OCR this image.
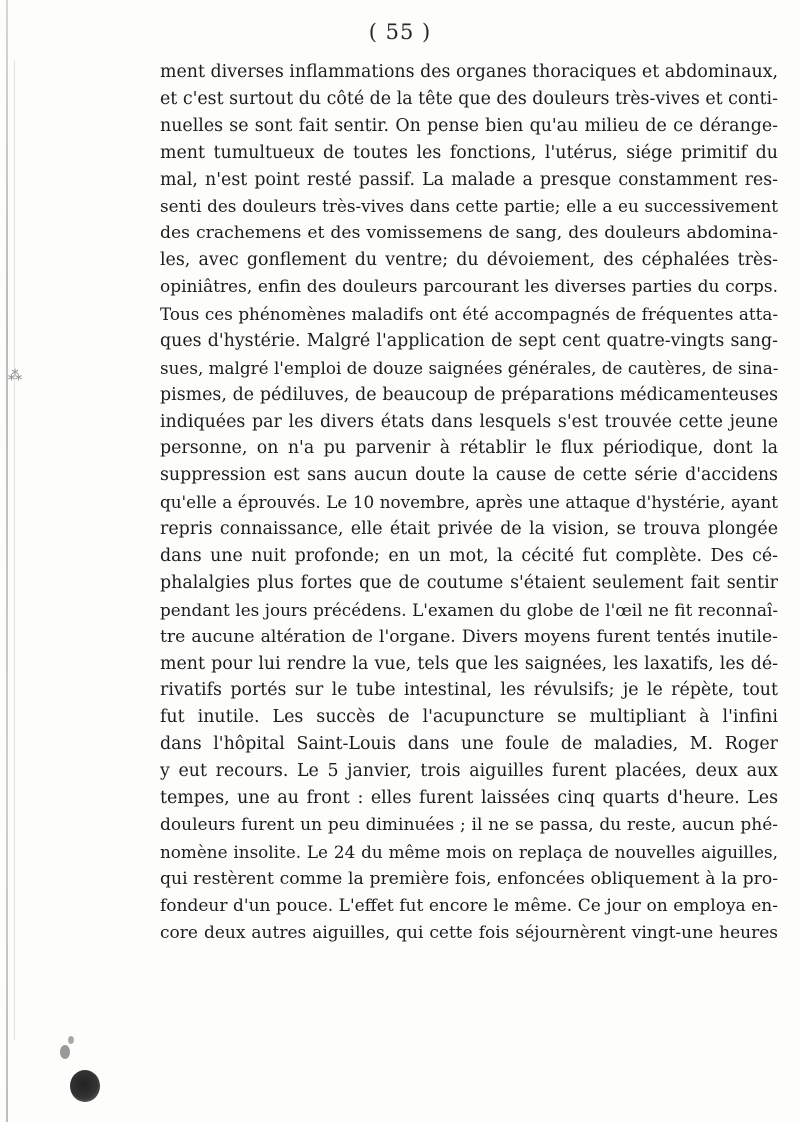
⁂
( 55 )
ment diverses inflammations des organes thoraciques et abdominaux,
et c'est surtout du côté de la tête que des douleurs très-vives et conti-
nuelles se sont fait sentir. On pense bien qu'au milieu de ce dérange-
ment tumultueux de toutes les fonctions, l'utérus, siége primitif du
mal, n'est point resté passif. La malade a presque constamment res-
senti des douleurs très-vives dans cette partie; elle a eu successivement
des crachemens et des vomissemens de sang, des douleurs abdomina-
les, avec gonflement du ventre; du dévoiement, des céphalées très-
opiniâtres, enfin des douleurs parcourant les diverses parties du corps.
Tous ces phénomènes maladifs ont été accompagnés de fréquentes atta-
ques d'hystérie. Malgré l'application de sept cent quatre-vingts sang-
sues, malgré l'emploi de douze saignées générales, de cautères, de sina-
pismes, de pédiluves, de beaucoup de préparations médicamenteuses
indiquées par les divers états dans lesquels s'est trouvée cette jeune
personne, on n'a pu parvenir à rétablir le flux périodique, dont la
suppression est sans aucun doute la cause de cette série d'accidens
qu'elle a éprouvés. Le 10 novembre, après une attaque d'hystérie, ayant
repris connaissance, elle était privée de la vision, se trouva plongée
dans une nuit profonde; en un mot, la cécité fut complète. Des cé-
phalalgies plus fortes que de coutume s'étaient seulement fait sentir
pendant les jours précédens. L'examen du globe de l'œil ne fit reconnaî-
tre aucune altération de l'organe. Divers moyens furent tentés inutile-
ment pour lui rendre la vue, tels que les saignées, les laxatifs, les dé-
rivatifs portés sur le tube intestinal, les révulsifs; je le répète, tout
fut inutile. Les succès de l'acupuncture se multipliant à l'infini
dans l'hôpital Saint-Louis dans une foule de maladies, M. Roger
y eut recours. Le 5 janvier, trois aiguilles furent placées, deux aux
tempes, une au front : elles furent laissées cinq quarts d'heure. Les
douleurs furent un peu diminuées ; il ne se passa, du reste, aucun phé-
nomène insolite. Le 24 du même mois on replaça de nouvelles aiguilles,
qui restèrent comme la première fois, enfoncées obliquement à la pro-
fondeur d'un pouce. L'effet fut encore le même. Ce jour on employa en-
core deux autres aiguilles, qui cette fois séjournèrent vingt-une heures
